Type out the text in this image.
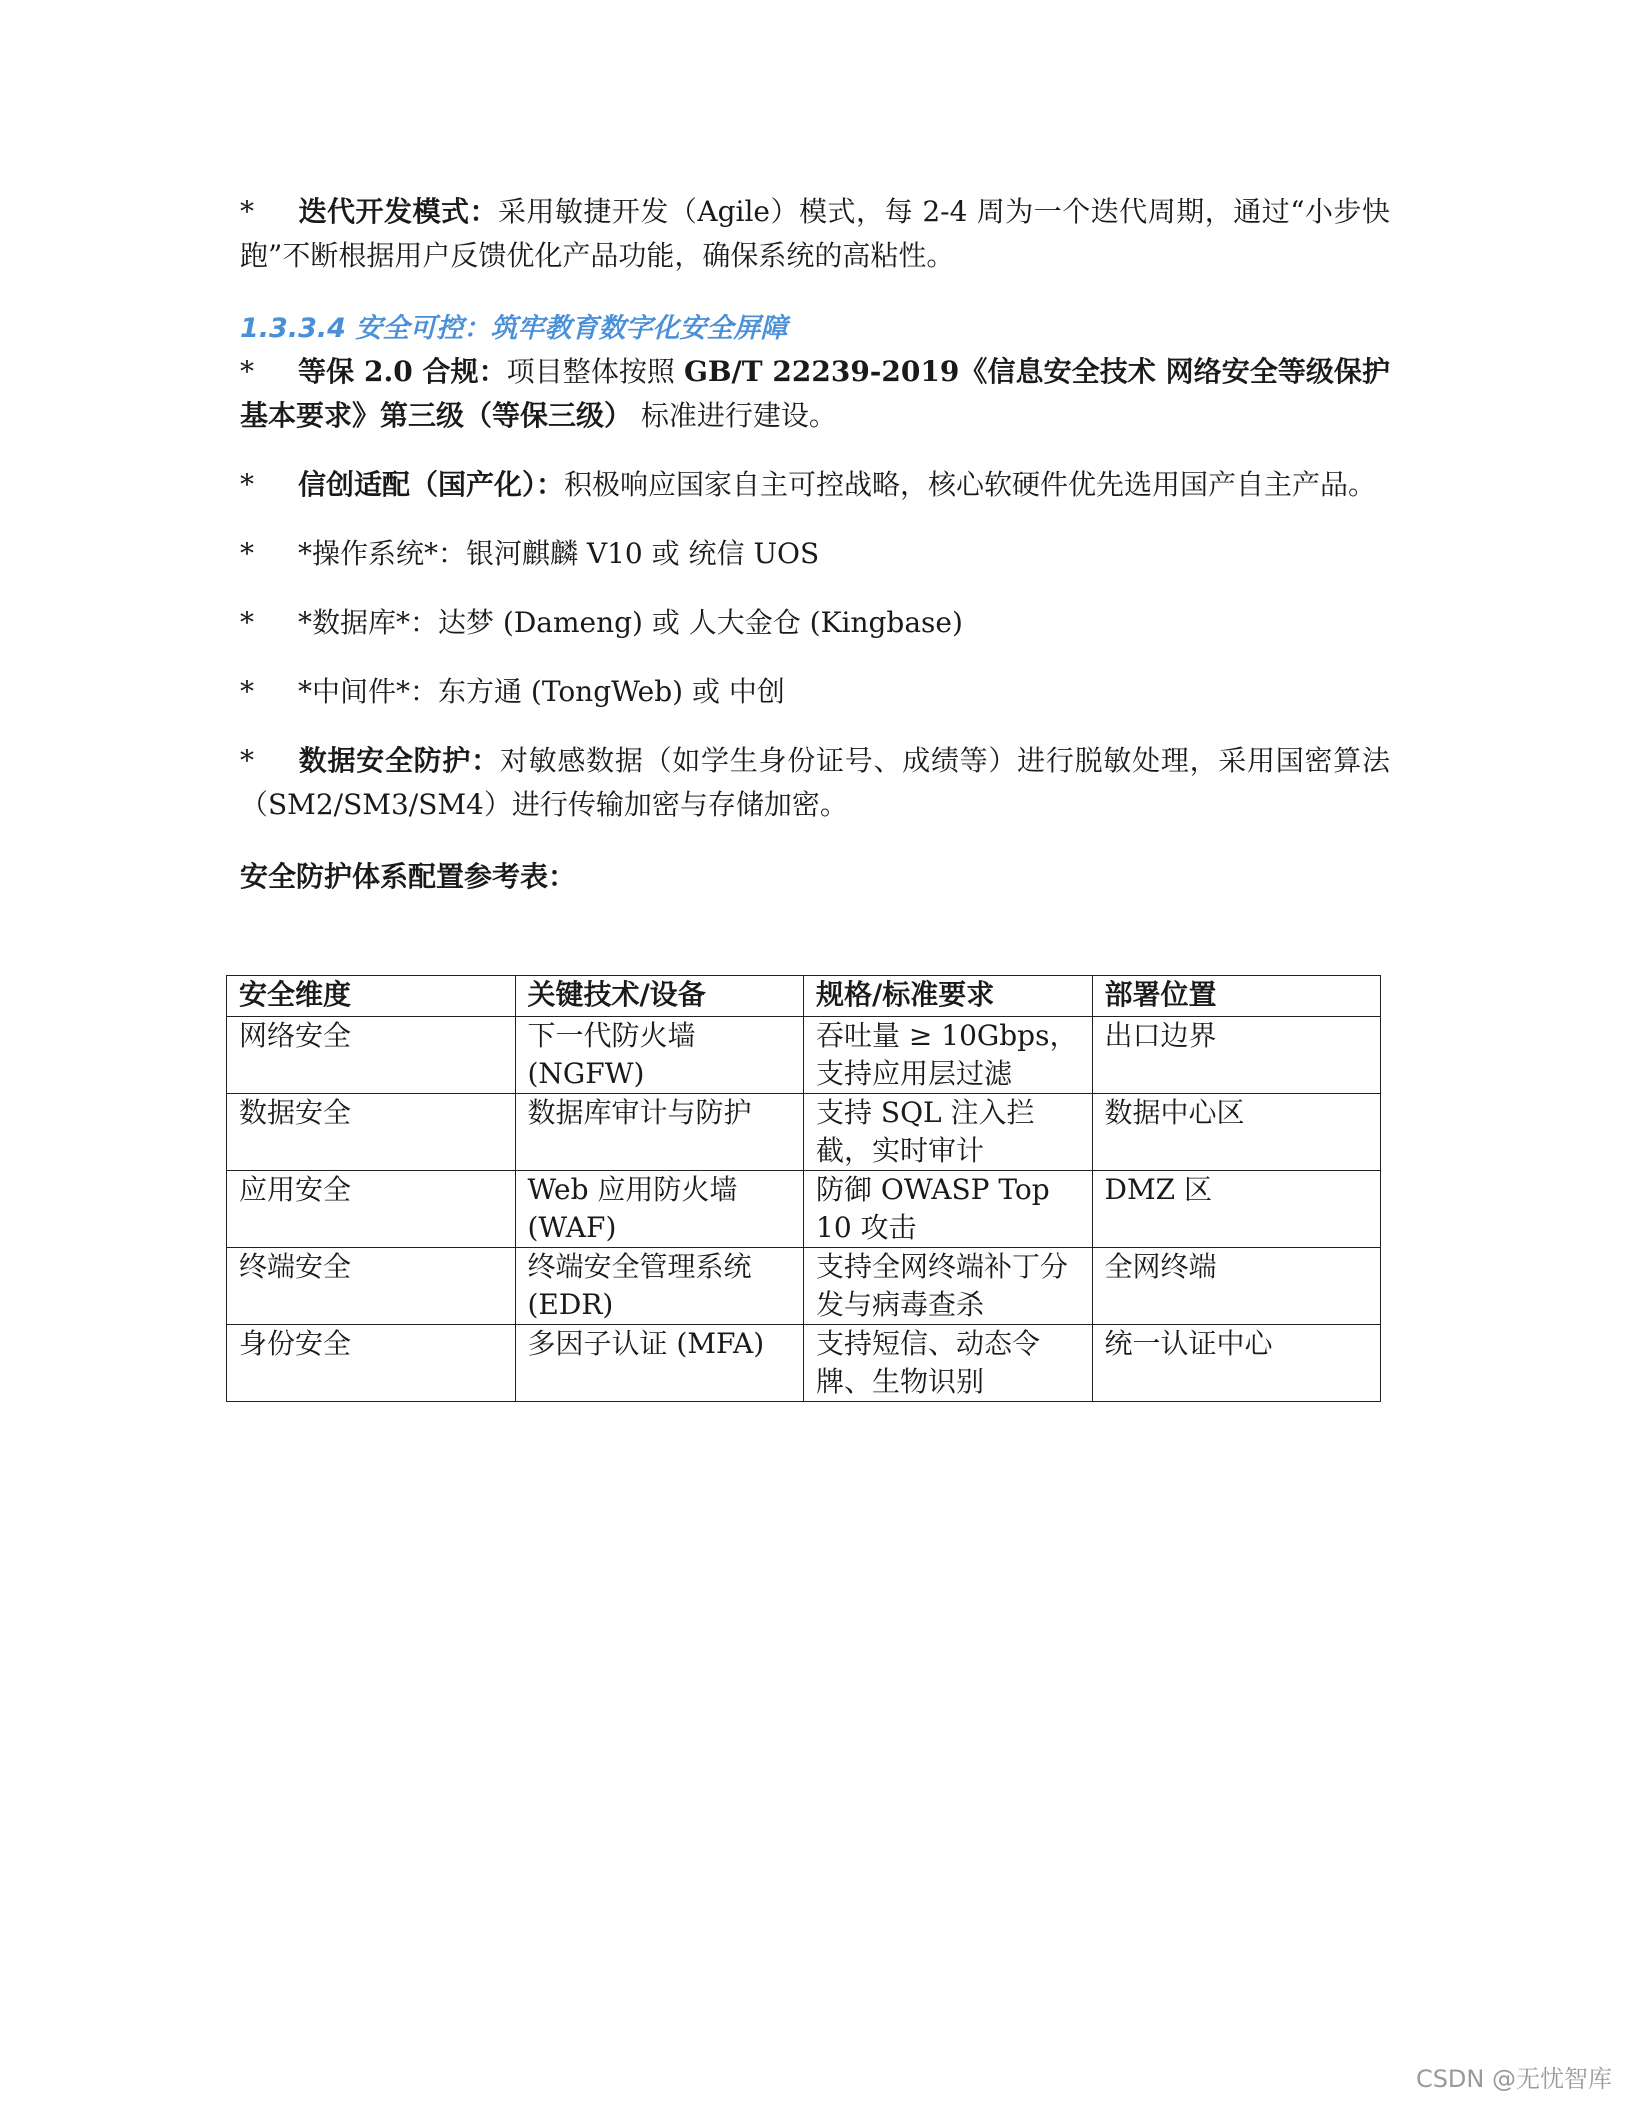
* 迭代开发模式：采用敏捷开发（Agile）模式，每 2-4 周为一个迭代周期，通过“小步快跑”不断根据用户反馈优化产品功能，确保系统的高粘性。

1.3.3.4 安全可控：筑牢教育数字化安全屏障

* 等保 2.0 合规：项目整体按照 GB/T 22239-2019《信息安全技术 网络安全等级保护基本要求》第三级（等保三级） 标准进行建设。

* 信创适配（国产化）：积极响应国家自主可控战略，核心软硬件优先选用国产自主产品。

* *操作系统*：银河麒麟 V10 或 统信 UOS

* *数据库*：达梦 (Dameng) 或 人大金仓 (Kingbase)

* *中间件*：东方通 (TongWeb) 或 中创

* 数据安全防护：对敏感数据（如学生身份证号、成绩等）进行脱敏处理，采用国密算法（SM2/SM3/SM4）进行传输加密与存储加密。

安全防护体系配置参考表：

安全维度	关键技术/设备	规格/标准要求	部署位置
网络安全	下一代防火墙 (NGFW)	吞吐量 ≥ 10Gbps，支持应用层过滤	出口边界
数据安全	数据库审计与防护	支持 SQL 注入拦截，实时审计	数据中心区
应用安全	Web 应用防火墙 (WAF)	防御 OWASP Top 10 攻击	DMZ 区
终端安全	终端安全管理系统 (EDR)	支持全网终端补丁分发与病毒查杀	全网终端
身份安全	多因子认证 (MFA)	支持短信、动态令牌、生物识别	统一认证中心
CSDN @无忧智库
